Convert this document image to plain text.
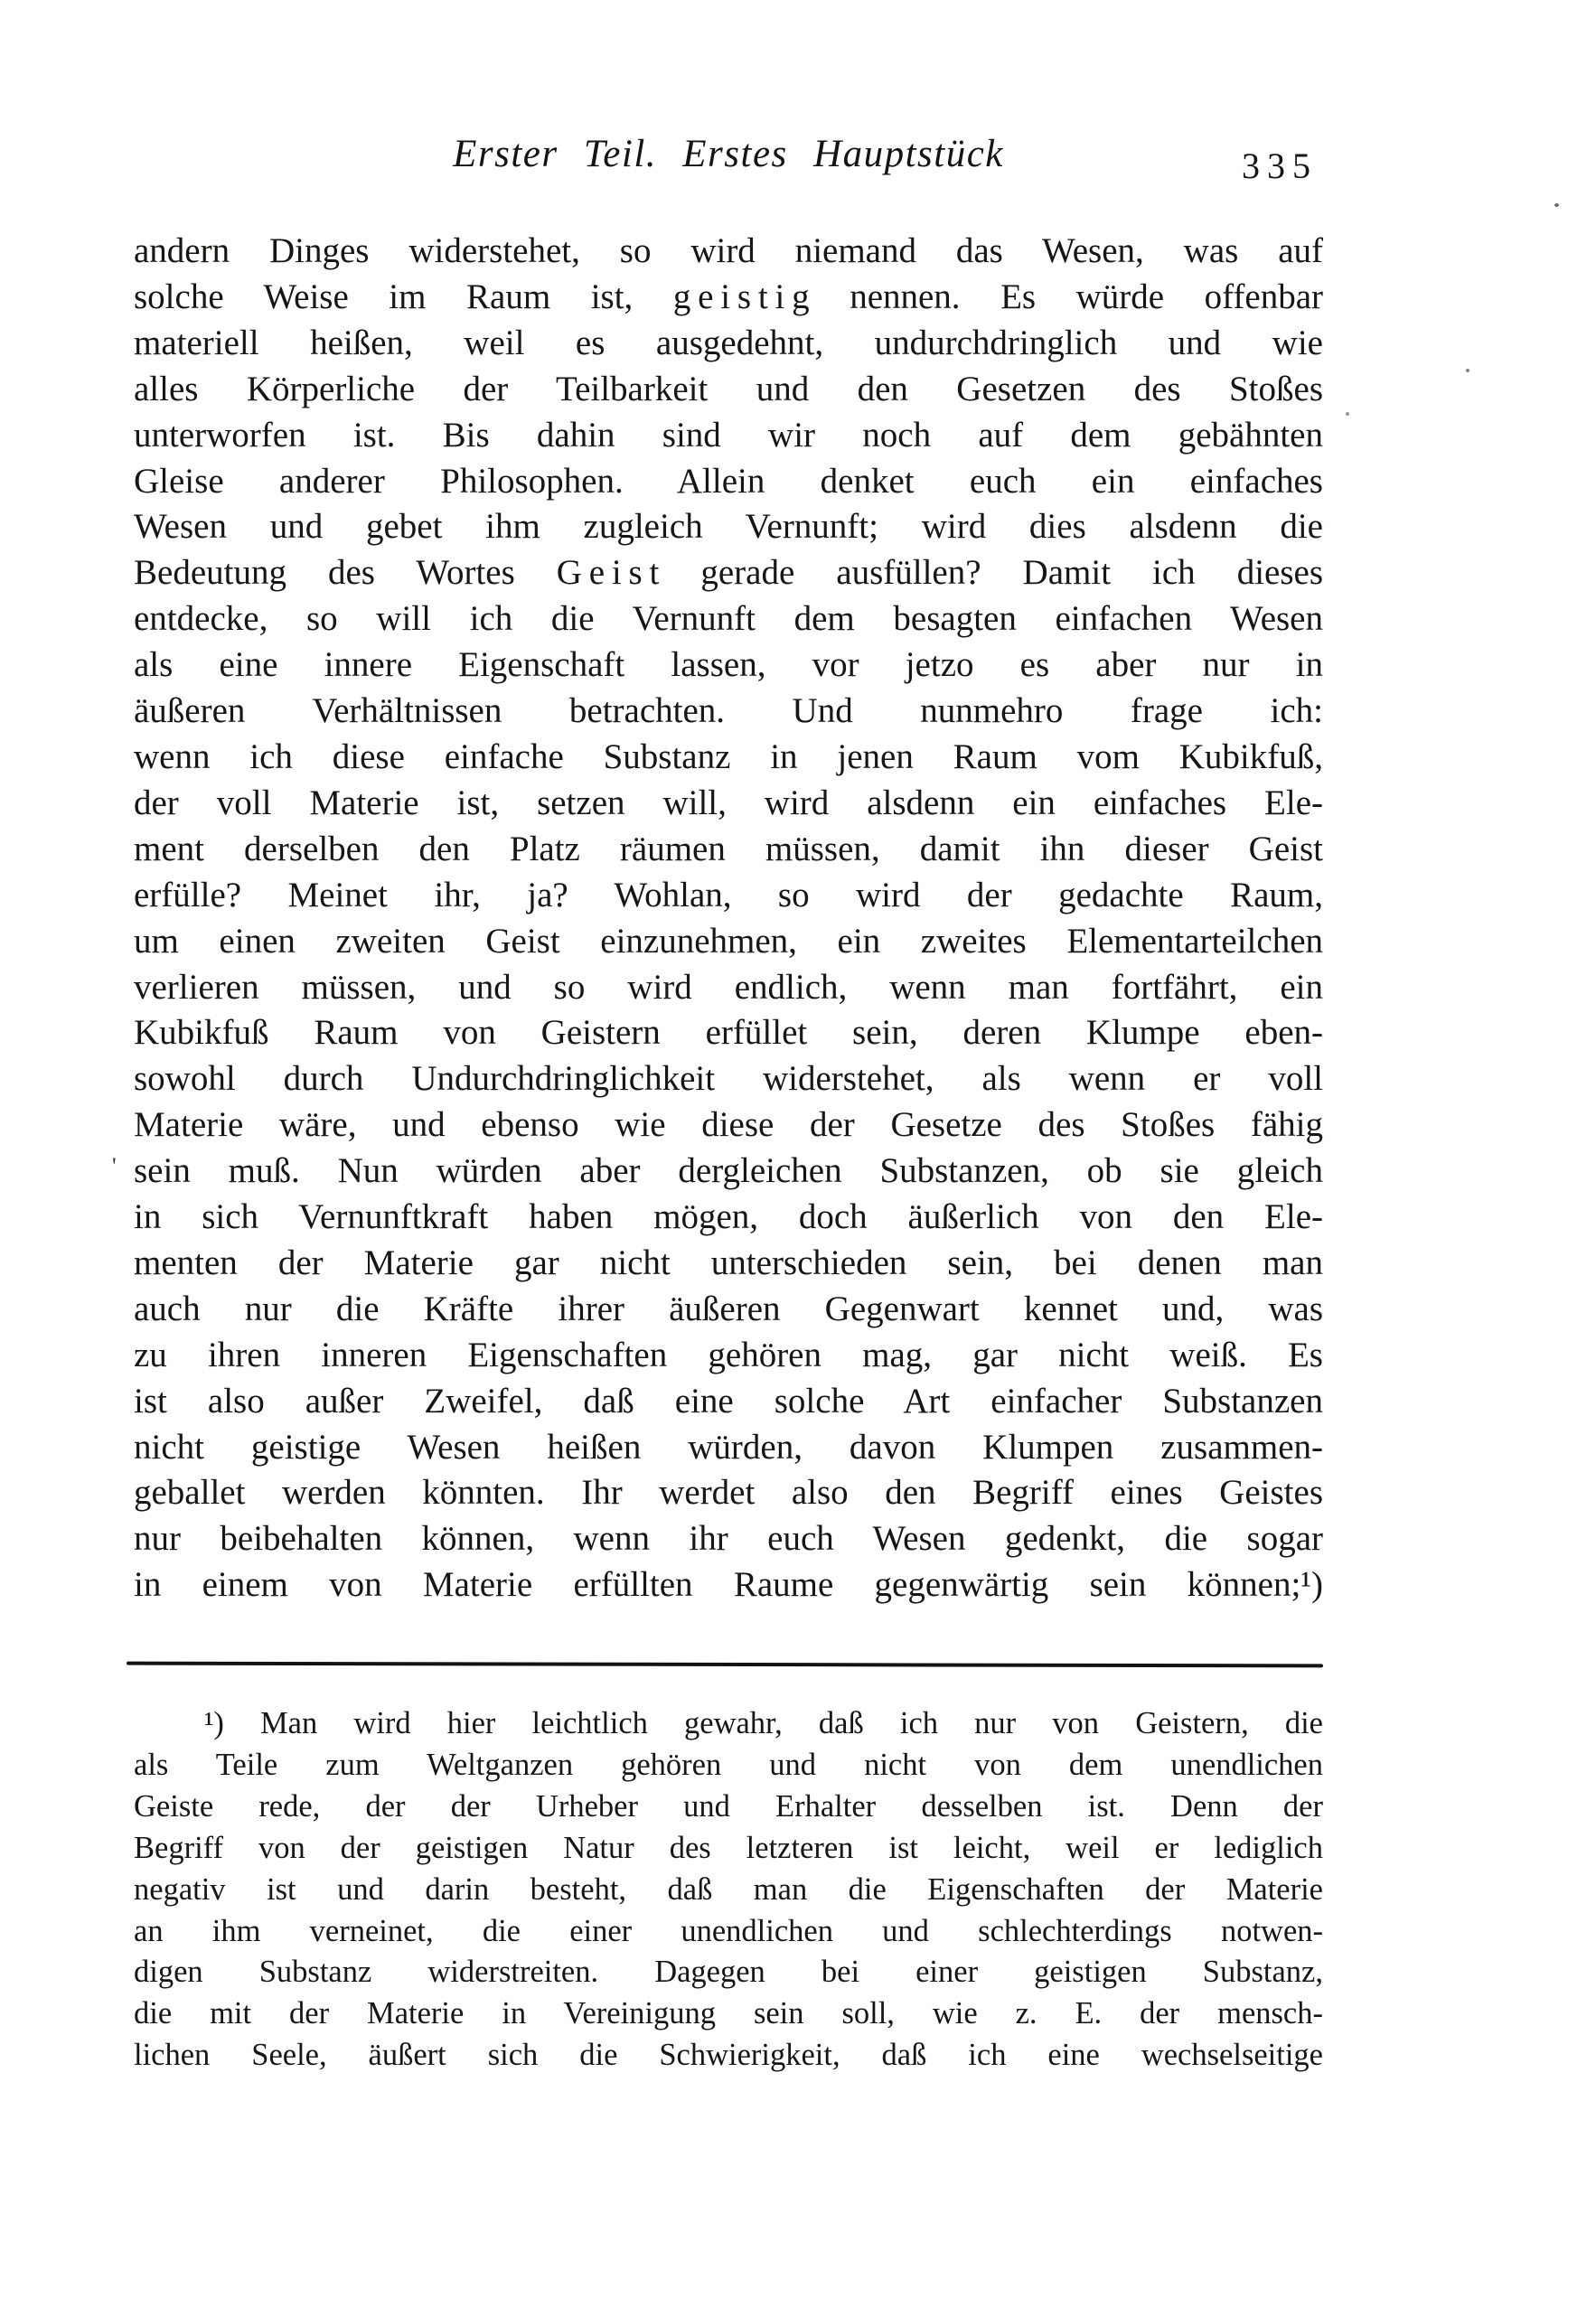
Erster Teil. Erstes Hauptstück	335
andern Dinges widerstehet, so wird niemand das Wesen, was auf
solche Weise im Raum ist, g e i s t i g nennen. Es würde offenbar
materiell heißen, weil es ausgedehnt, undurchdringlich und wie
alles Körperliche der Teilbarkeit und den Gesetzen des Stoßes
unterworfen ist. Bis dahin sind wir noch auf dem gebähnten
Gleise anderer Philosophen. Allein denket euch ein einfaches
Wesen und gebet ihm zugleich Vernunft; wird dies alsdenn die
Bedeutung des Wortes G e i s t gerade ausfüllen? Damit ich dieses
entdecke, so will ich die Vernunft dem besagten einfachen Wesen
als eine innere Eigenschaft lassen, vor jetzo es aber nur in
äußeren Verhältnissen betrachten. Und nunmehro frage ich:
wenn ich diese einfache Substanz in jenen Raum vom Kubikfuß,
der voll Materie ist, setzen will, wird alsdenn ein einfaches Ele-
ment derselben den Platz räumen müssen, damit ihn dieser Geist
erfülle? Meinet ihr, ja? Wohlan, so wird der gedachte Raum,
um einen zweiten Geist einzunehmen, ein zweites Elementarteilchen
verlieren müssen, und so wird endlich, wenn man fortfährt, ein
Kubikfuß Raum von Geistern erfüllet sein, deren Klumpe eben-
sowohl durch Undurchdringlichkeit widerstehet, als wenn er voll
Materie wäre, und ebenso wie diese der Gesetze des Stoßes fähig
sein muß. Nun würden aber dergleichen Substanzen, ob sie gleich
in sich Vernunftkraft haben mögen, doch äußerlich von den Ele-
menten der Materie gar nicht unterschieden sein, bei denen man
auch nur die Kräfte ihrer äußeren Gegenwart kennet und, was
zu ihren inneren Eigenschaften gehören mag, gar nicht weiß. Es
ist also außer Zweifel, daß eine solche Art einfacher Substanzen
nicht geistige Wesen heißen würden, davon Klumpen zusammen-
geballet werden könnten. Ihr werdet also den Begriff eines Geistes
nur beibehalten können, wenn ihr euch Wesen gedenkt, die sogar
in einem von Materie erfüllten Raume gegenwärtig sein können;¹)
'
¹) Man wird hier leichtlich gewahr, daß ich nur von Geistern, die
als Teile zum Weltganzen gehören und nicht von dem unendlichen
Geiste rede, der der Urheber und Erhalter desselben ist. Denn der
Begriff von der geistigen Natur des letzteren ist leicht, weil er lediglich
negativ ist und darin besteht, daß man die Eigenschaften der Materie
an ihm verneinet, die einer unendlichen und schlechterdings notwen-
digen Substanz widerstreiten. Dagegen bei einer geistigen Substanz,
die mit der Materie in Vereinigung sein soll, wie z. E. der mensch-
lichen Seele, äußert sich die Schwierigkeit, daß ich eine wechselseitige
